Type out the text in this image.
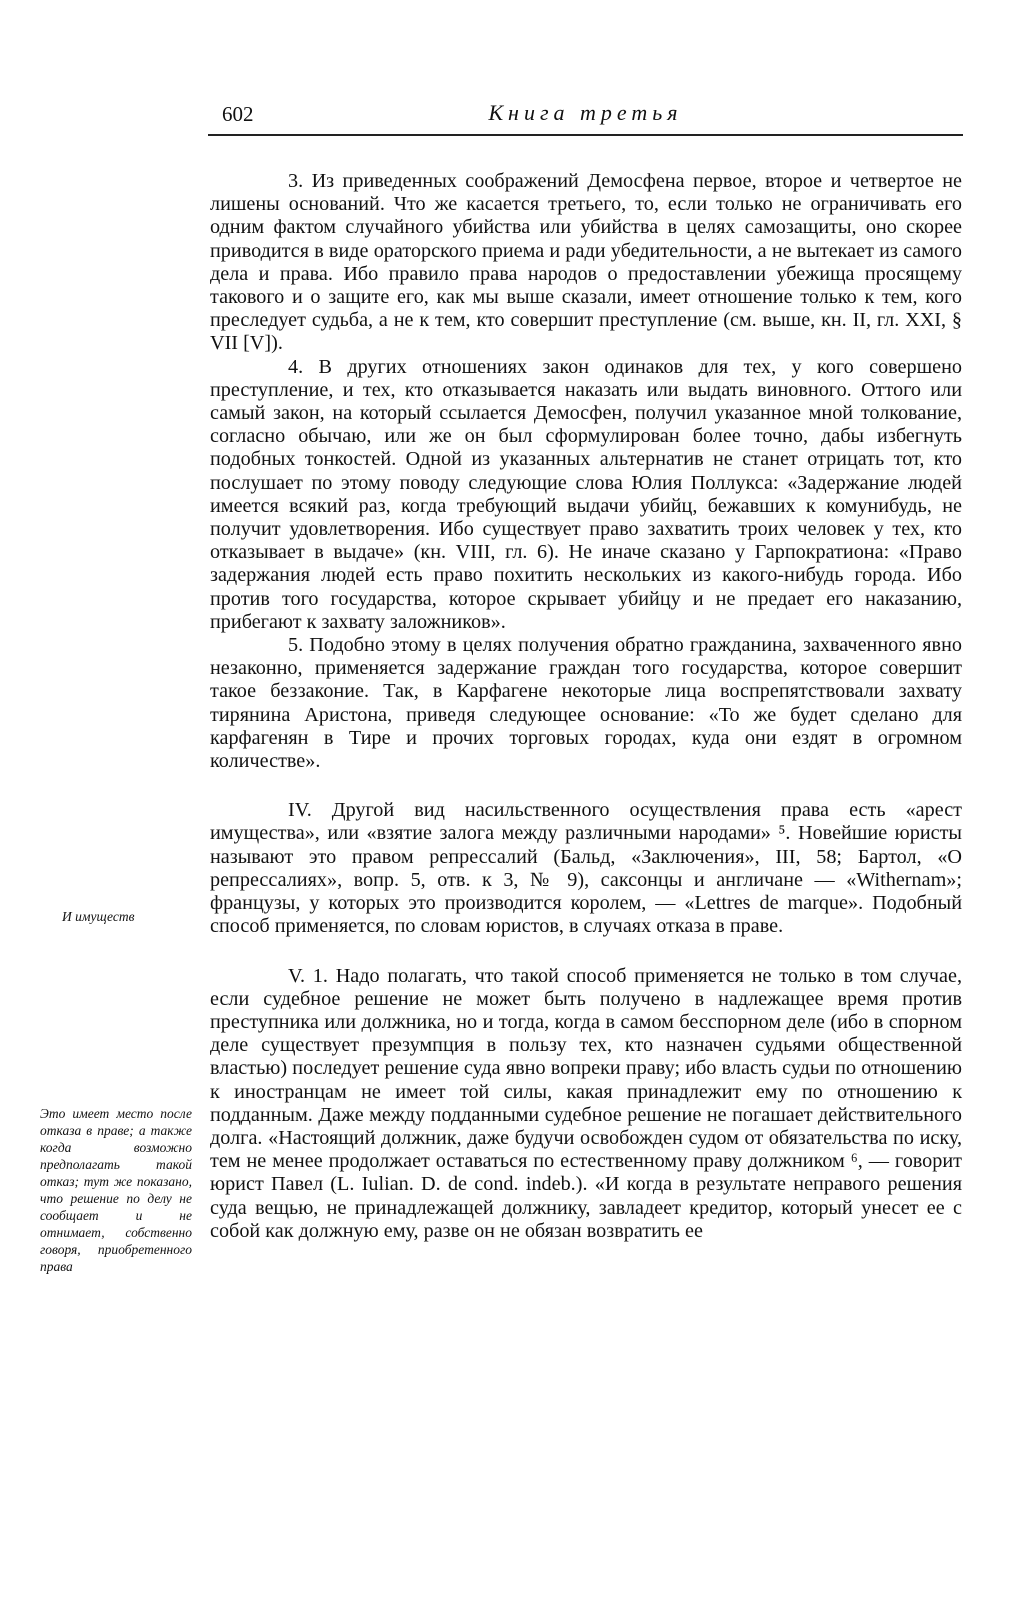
602	Книга третья
И имуществ
Это имеет место после отказа в праве; а также когда возможно предполагать такой отказ; тут же показано, что решение по делу не сообщает и не отнимает, собственно говоря, приобретенного права

3. Из приведенных соображений Демосфена первое, второе и четвертое не лишены оснований. Что же касается третьего, то, если только не ограничивать его одним фактом случайного убийства или убийства в целях самозащиты, оно скорее приводится в виде ораторского приема и ради убедительности, а не вытекает из самого дела и права. Ибо правило права народов о предоставлении убежища просящему такового и о защите его, как мы выше сказали, имеет отношение только к тем, кого преследует судьба, а не к тем, кто совершит преступление (см. выше, кн. II, гл. XXI, § VII [V]).

4. В других отношениях закон одинаков для тех, у кого совершено преступление, и тех, кто отказывается наказать или выдать виновного. Оттого или самый закон, на который ссылается Демосфен, получил указанное мной толкование, согласно обычаю, или же он был сформулирован более точно, дабы избегнуть подобных тонкостей. Одной из указанных альтернатив не станет отрицать тот, кто послушает по этому поводу следующие слова Юлия Поллукса: «Задержание людей имеется всякий раз, когда требующий выдачи убийц, бежавших к комунибудь, не получит удовлетворения. Ибо существует право захватить троих человек у тех, кто отказывает в выдаче» (кн. VIII, гл. 6). Не иначе сказано у Гарпократиона: «Право задержания людей есть право похитить нескольких из какого-нибудь города. Ибо против того государства, которое скрывает убийцу и не предает его наказанию, прибегают к захвату заложников».

5. Подобно этому в целях получения обратно гражданина, захваченного явно незаконно, применяется задержание граждан того государства, которое совершит такое беззаконие. Так, в Карфагене некоторые лица воспрепятствовали захвату тирянина Аристона, приведя следующее основание: «То же будет сделано для карфагенян в Тире и прочих торговых городах, куда они ездят в огромном количестве».

IV. Другой вид насильственного осуществления права есть «арест имущества», или «взятие залога между различными народами» ⁵. Новейшие юристы называют это правом репрессалий (Бальд, «Заключения», III, 58; Бартол, «О репрессалиях», вопр. 5, отв. к 3, № 9), саксонцы и англичане — «Withernam»; французы, у которых это производится королем, — «Lettres de marque». Подобный способ применяется, по словам юристов, в случаях отказа в праве.

V. 1. Надо полагать, что такой способ применяется не только в том случае, если судебное решение не может быть получено в надлежащее время против преступника или должника, но и тогда, когда в самом бесспорном деле (ибо в спорном деле существует презумпция в пользу тех, кто назначен судьями общественной властью) последует решение суда явно вопреки праву; ибо власть судьи по отношению к иностранцам не имеет той силы, какая принадлежит ему по отношению к подданным. Даже между подданными судебное решение не погашает действительного долга. «Настоящий должник, даже будучи освобожден судом от обязательства по иску, тем не менее продолжает оставаться по естественному праву должником ⁶, — говорит юрист Павел (L. Iulian. D. de cond. indeb.). «И когда в результате неправого решения суда вещью, не принадлежащей должнику, завладеет кредитор, который унесет ее с собой как должную ему, разве он не обязан возвратить ее
